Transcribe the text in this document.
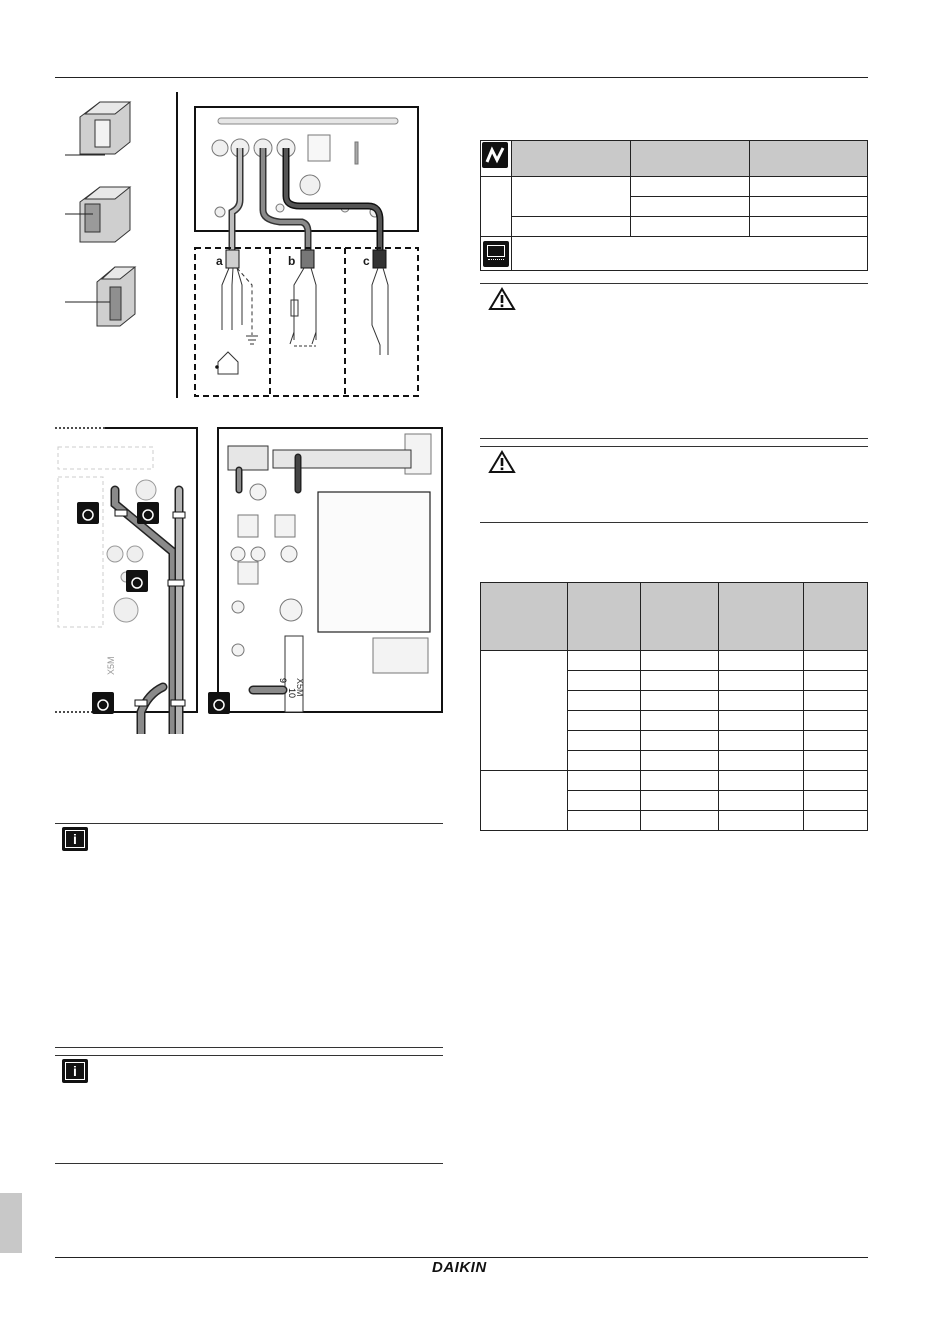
a	b	c
X5M
X5M
9
10
i
i

DAIKIN
